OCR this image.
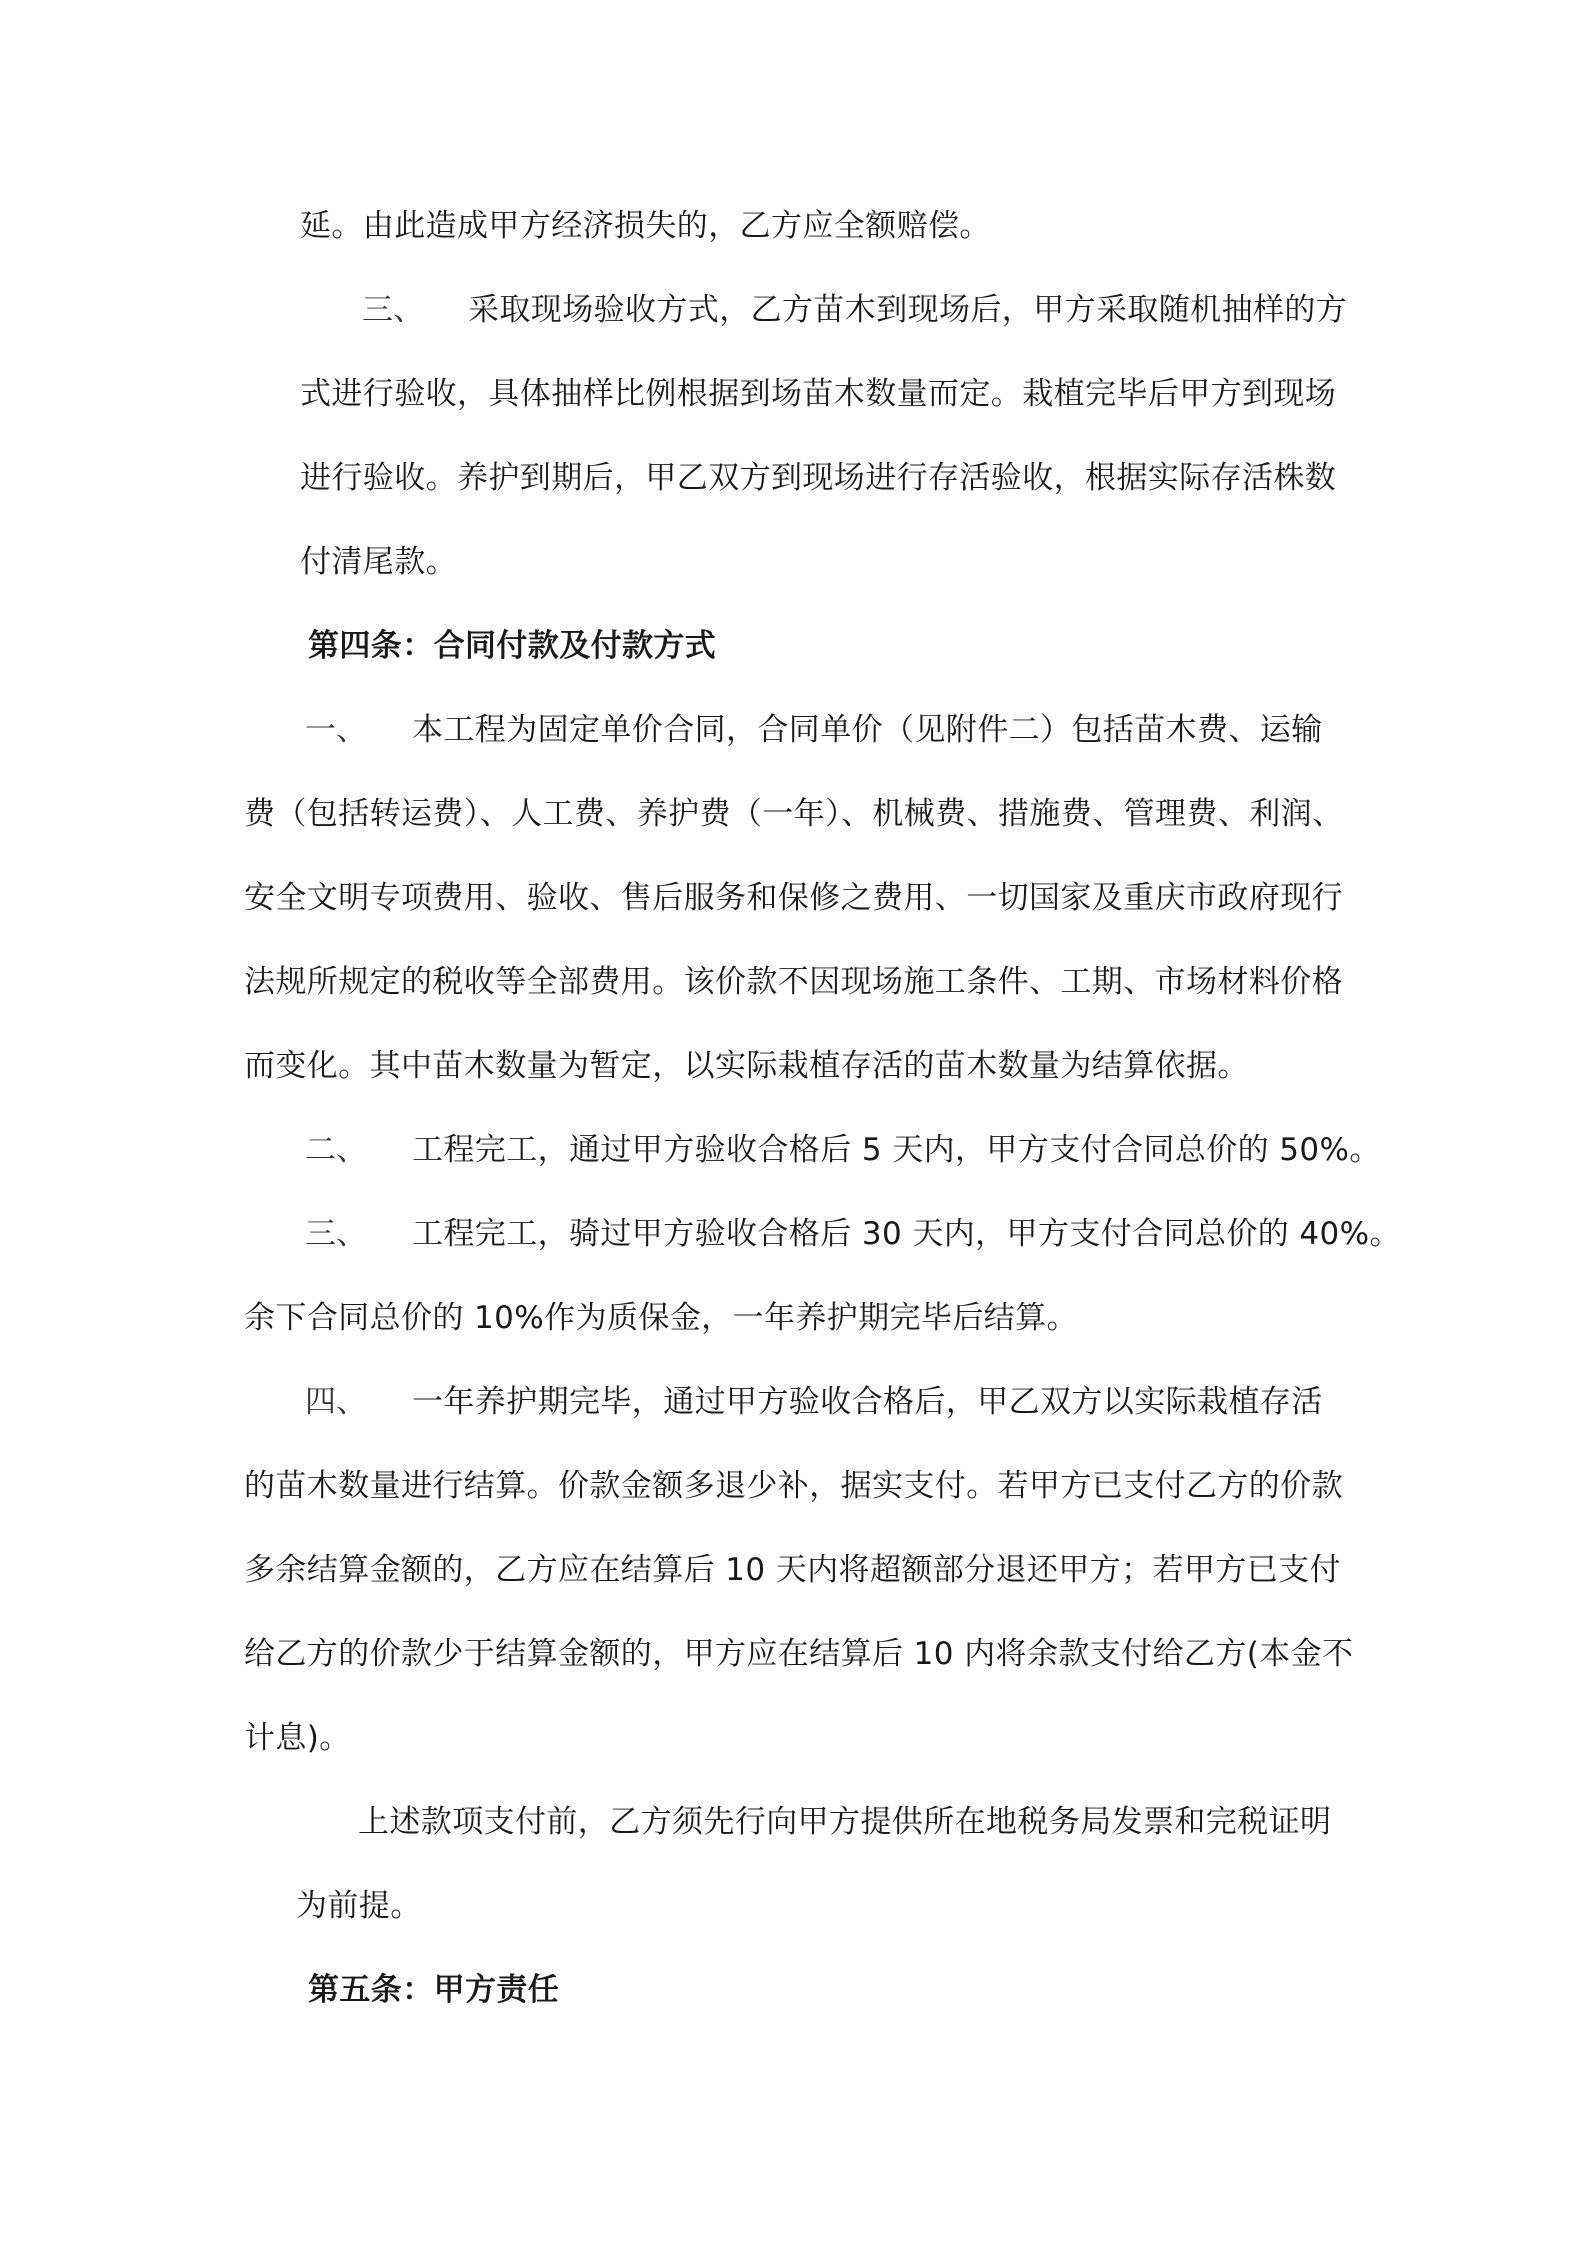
延。由此造成甲方经济损失的，乙方应全额赔偿。
三、 采取现场验收方式，乙方苗木到现场后，甲方采取随机抽样的方
式进行验收，具体抽样比例根据到场苗木数量而定。栽植完毕后甲方到现场
进行验收。养护到期后，甲乙双方到现场进行存活验收，根据实际存活株数
付清尾款。
第四条：合同付款及付款方式
一、 本工程为固定单价合同，合同单价（见附件二）包括苗木费、运输
费（包括转运费）、人工费、养护费（一年）、机械费、措施费、管理费、利润、
安全文明专项费用、验收、售后服务和保修之费用、一切国家及重庆市政府现行
法规所规定的税收等全部费用。该价款不因现场施工条件、工期、市场材料价格
而变化。其中苗木数量为暂定，以实际栽植存活的苗木数量为结算依据。
二、 工程完工，通过甲方验收合格后 5 天内，甲方支付合同总价的 50%。
三、 工程完工，骑过甲方验收合格后 30 天内，甲方支付合同总价的 40%。
余下合同总价的 10%作为质保金，一年养护期完毕后结算。
四、 一年养护期完毕，通过甲方验收合格后，甲乙双方以实际栽植存活
的苗木数量进行结算。价款金额多退少补，据实支付。若甲方已支付乙方的价款
多余结算金额的，乙方应在结算后 10 天内将超额部分退还甲方；若甲方已支付
给乙方的价款少于结算金额的，甲方应在结算后 10 内将余款支付给乙方(本金不
计息)。
上述款项支付前，乙方须先行向甲方提供所在地税务局发票和完税证明
为前提。
第五条：甲方责任
